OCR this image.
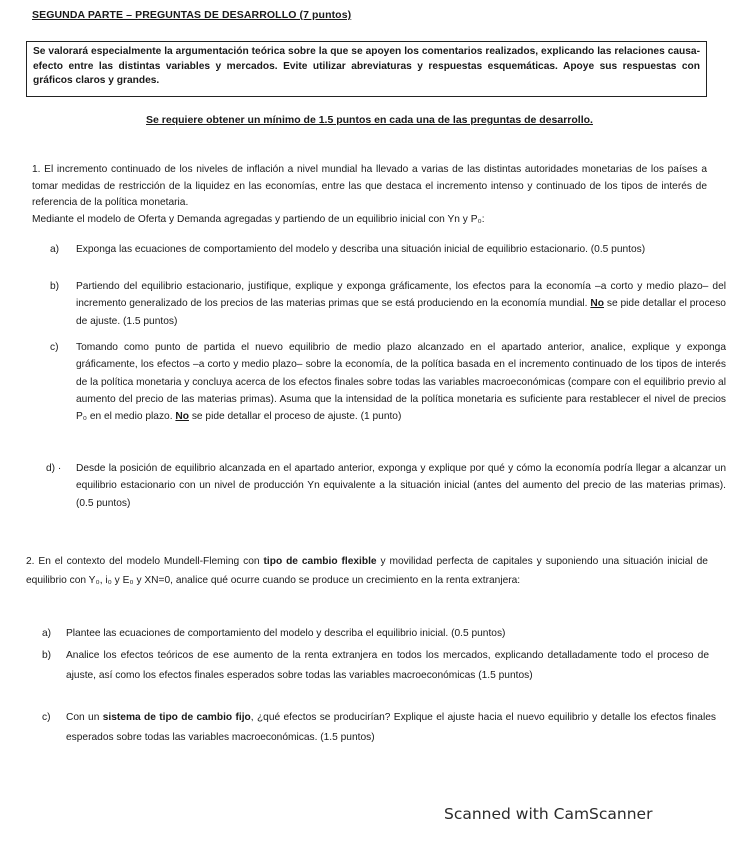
SEGUNDA PARTE – PREGUNTAS DE DESARROLLO (7 puntos)
Se valorará especialmente la argumentación teórica sobre la que se apoyen los comentarios realizados, explicando las relaciones causa-efecto entre las distintas variables y mercados. Evite utilizar abreviaturas y respuestas esquemáticas. Apoye sus respuestas con gráficos claros y grandes.
Se requiere obtener un mínimo de 1.5 puntos en cada una de las preguntas de desarrollo.
1. El incremento continuado de los niveles de inflación a nivel mundial ha llevado a varias de las distintas autoridades monetarias de los países a tomar medidas de restricción de la liquidez en las economías, entre las que destaca el incremento intenso y continuado de los tipos de interés de referencia de la política monetaria.
Mediante el modelo de Oferta y Demanda agregadas y partiendo de un equilibrio inicial con Yn y P₀:
a) Exponga las ecuaciones de comportamiento del modelo y describa una situación inicial de equilibrio estacionario. (0.5 puntos)
b) Partiendo del equilibrio estacionario, justifique, explique y exponga gráficamente, los efectos para la economía –a corto y medio plazo– del incremento generalizado de los precios de las materias primas que se está produciendo en la economía mundial. No se pide detallar el proceso de ajuste. (1.5 puntos)
c) Tomando como punto de partida el nuevo equilibrio de medio plazo alcanzado en el apartado anterior, analice, explique y exponga gráficamente, los efectos –a corto y medio plazo– sobre la economía, de la política basada en el incremento continuado de los tipos de interés de la política monetaria y concluya acerca de los efectos finales sobre todas las variables macroeconómicas (compare con el equilibrio previo al aumento del precio de las materias primas). Asuma que la intensidad de la política monetaria es suficiente para restablecer el nivel de precios P₀ en el medio plazo. No se pide detallar el proceso de ajuste. (1 punto)
d) · Desde la posición de equilibrio alcanzada en el apartado anterior, exponga y explique por qué y cómo la economía podría llegar a alcanzar un equilibrio estacionario con un nivel de producción Yn equivalente a la situación inicial (antes del aumento del precio de las materias primas). (0.5 puntos)
2. En el contexto del modelo Mundell-Fleming con tipo de cambio flexible y movilidad perfecta de capitales y suponiendo una situación inicial de equilibrio con Y₀, i₀ y E₀ y XN=0, analice qué ocurre cuando se produce un crecimiento en la renta extranjera:
a) Plantee las ecuaciones de comportamiento del modelo y describa el equilibrio inicial. (0.5 puntos)
b) Analice los efectos teóricos de ese aumento de la renta extranjera en todos los mercados, explicando detalladamente todo el proceso de ajuste, así como los efectos finales esperados sobre todas las variables macroeconómicas (1.5 puntos)
c) Con un sistema de tipo de cambio fijo, ¿qué efectos se producirían? Explique el ajuste hacia el nuevo equilibrio y detalle los efectos finales esperados sobre todas las variables macroeconómicas. (1.5 puntos)
Scanned with CamScanner
